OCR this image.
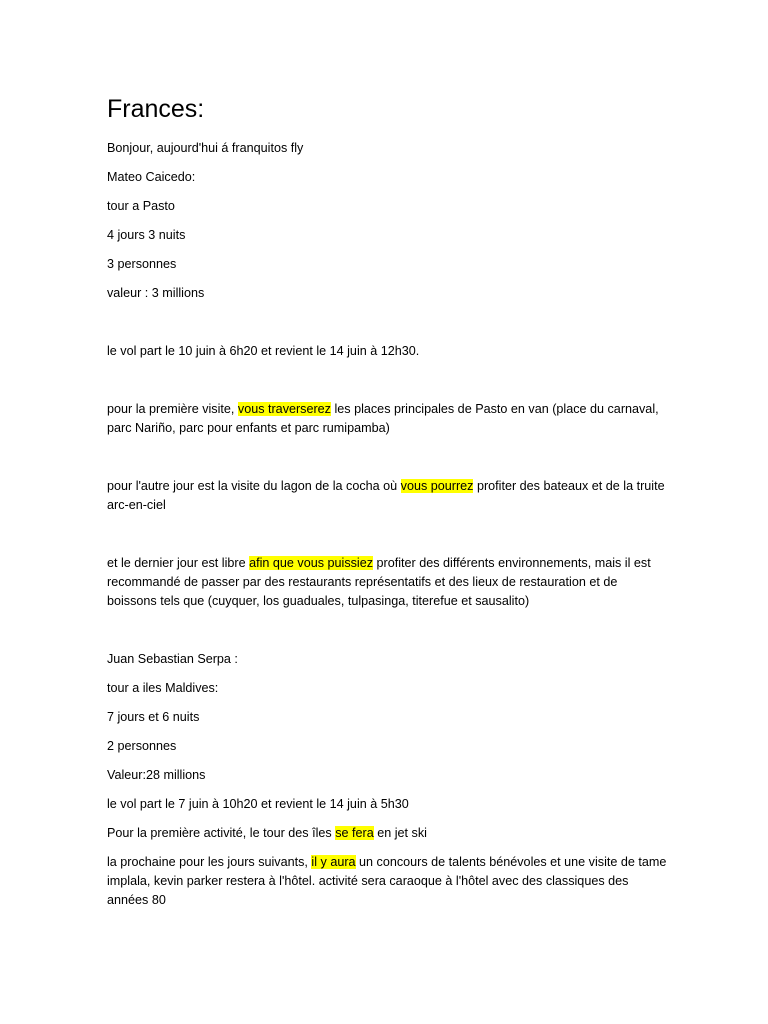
Frances:

Bonjour, aujourd'hui á franquitos fly

Mateo Caicedo:

tour a Pasto

4 jours 3 nuits

3 personnes

valeur : 3 millions

le vol part le 10 juin à 6h20 et revient le 14 juin à 12h30.

pour la première visite, vous traverserez les places principales de Pasto en van (place du carnaval, parc Nariño, parc pour enfants et parc rumipamba)

pour l'autre jour est la visite du lagon de la cocha où vous pourrez profiter des bateaux et de la truite arc-en-ciel

et le dernier jour est libre afin que vous puissiez profiter des différents environnements, mais il est recommandé de passer par des restaurants représentatifs et des lieux de restauration et de boissons tels que (cuyquer, los guaduales, tulpasinga, titerefue et sausalito)

Juan Sebastian Serpa :

tour a iles Maldives:

7 jours et 6 nuits

2 personnes

Valeur:28 millions

le vol part le 7 juin à 10h20 et revient le 14 juin à 5h30

Pour la première activité, le tour des îles se fera en jet ski

la prochaine pour les jours suivants, il y aura un concours de talents bénévoles et une visite de tame implala, kevin parker restera à l'hôtel. activité sera caraoque à l'hôtel avec des classiques des années 80
